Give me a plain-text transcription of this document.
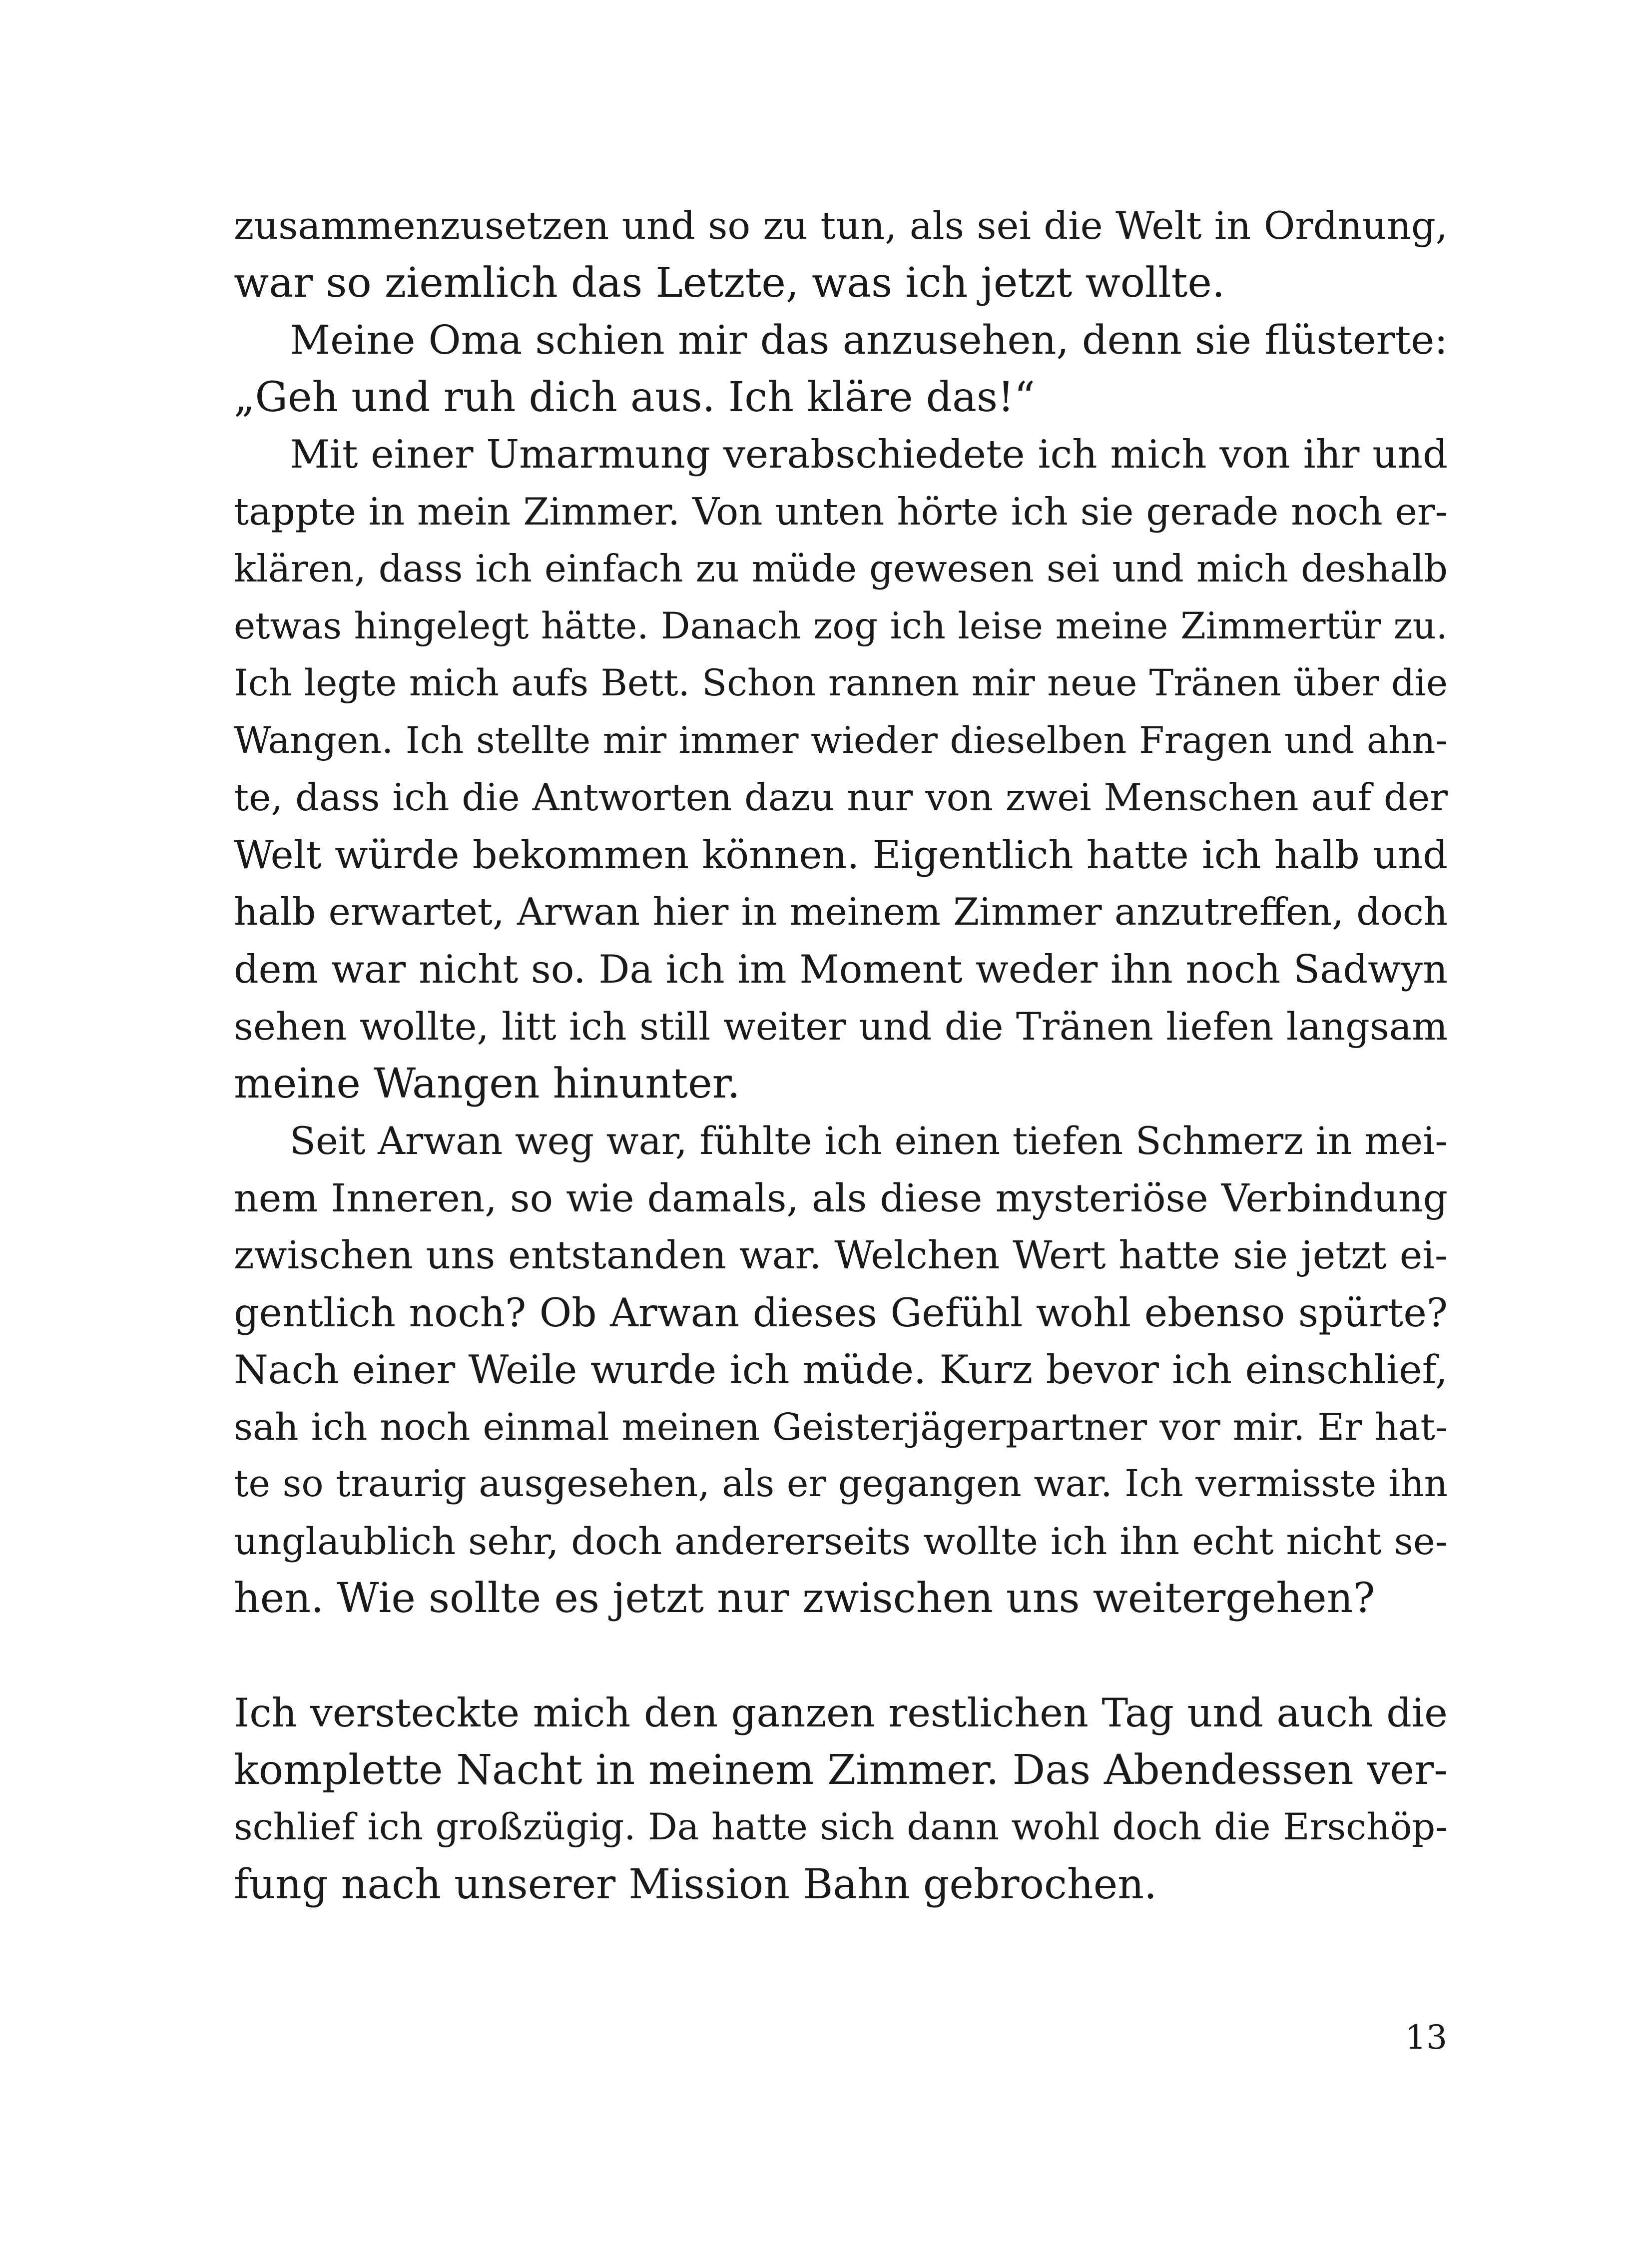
zusammenzusetzen und so zu tun, als sei die Welt in Ordnung,
war so ziemlich das Letzte, was ich jetzt wollte.
Meine Oma schien mir das anzusehen, denn sie flüsterte:
„Geh und ruh dich aus. Ich kläre das!“
Mit einer Umarmung verabschiedete ich mich von ihr und
tappte in mein Zimmer. Von unten hörte ich sie gerade noch er-
klären, dass ich einfach zu müde gewesen sei und mich deshalb
etwas hingelegt hätte. Danach zog ich leise meine Zimmertür zu.
Ich legte mich aufs Bett. Schon rannen mir neue Tränen über die
Wangen. Ich stellte mir immer wieder dieselben Fragen und ahn-
te, dass ich die Antworten dazu nur von zwei Menschen auf der
Welt würde bekommen können. Eigentlich hatte ich halb und
halb erwartet, Arwan hier in meinem Zimmer anzutreffen, doch
dem war nicht so. Da ich im Moment weder ihn noch Sadwyn
sehen wollte, litt ich still weiter und die Tränen liefen langsam
meine Wangen hinunter.
Seit Arwan weg war, fühlte ich einen tiefen Schmerz in mei-
nem Inneren, so wie damals, als diese mysteriöse Verbindung
zwischen uns entstanden war. Welchen Wert hatte sie jetzt ei-
gentlich noch? Ob Arwan dieses Gefühl wohl ebenso spürte?
Nach einer Weile wurde ich müde. Kurz bevor ich einschlief,
sah ich noch einmal meinen Geisterjägerpartner vor mir. Er hat-
te so traurig ausgesehen, als er gegangen war. Ich vermisste ihn
unglaublich sehr, doch andererseits wollte ich ihn echt nicht se-
hen. Wie sollte es jetzt nur zwischen uns weitergehen?
Ich versteckte mich den ganzen restlichen Tag und auch die
komplette Nacht in meinem Zimmer. Das Abendessen ver-
schlief ich großzügig. Da hatte sich dann wohl doch die Erschöp-
fung nach unserer Mission Bahn gebrochen.
13
